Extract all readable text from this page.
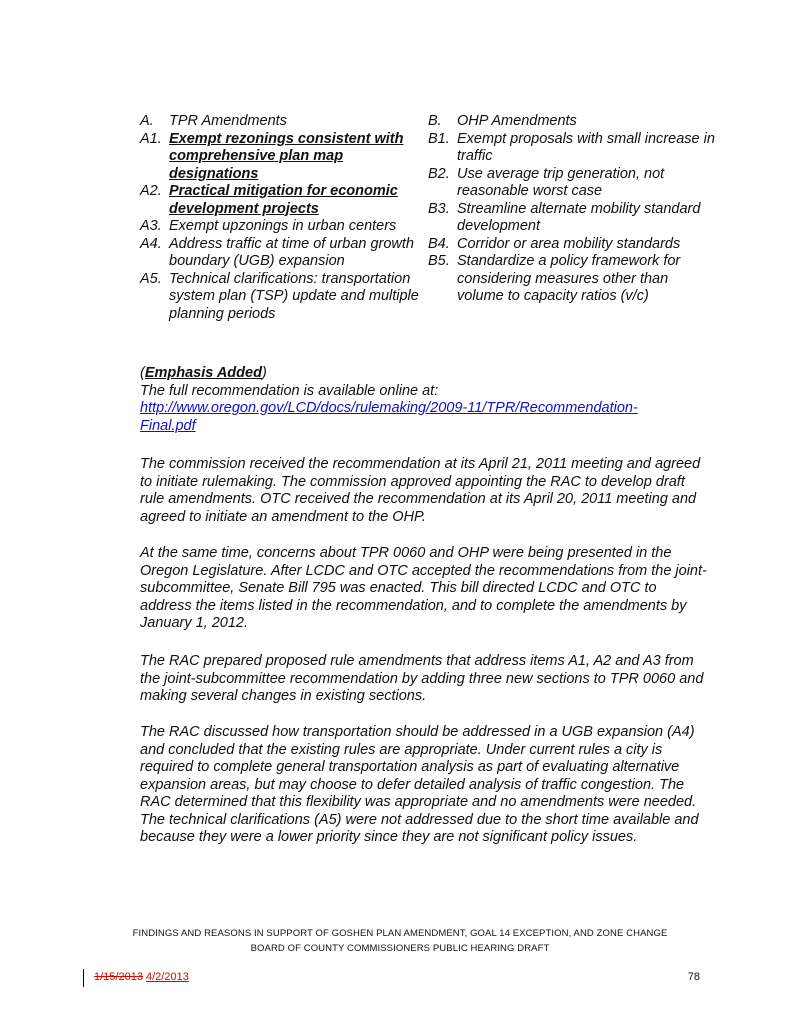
A.	TPR Amendments
A1. Exempt rezonings consistent with comprehensive plan map designations
A2. Practical mitigation for economic development projects
A3. Exempt upzonings in urban centers
A4. Address traffic at time of urban growth boundary (UGB) expansion
A5. Technical clarifications: transportation system plan (TSP) update and multiple planning periods
B.	OHP Amendments
B1. Exempt proposals with small increase in traffic
B2. Use average trip generation, not reasonable worst case
B3. Streamline alternate mobility standard development
B4. Corridor or area mobility standards
B5. Standardize a policy framework for considering measures other than volume to capacity ratios (v/c)
(Emphasis Added)
The full recommendation is available online at:
http://www.oregon.gov/LCD/docs/rulemaking/2009-11/TPR/Recommendation-Final.pdf

The commission received the recommendation at its April 21, 2011 meeting and agreed to initiate rulemaking. The commission approved appointing the RAC to develop draft rule amendments. OTC received the recommendation at its April 20, 2011 meeting and agreed to initiate an amendment to the OHP.

At the same time, concerns about TPR 0060 and OHP were being presented in the Oregon Legislature. After LCDC and OTC accepted the recommendations from the joint-subcommittee, Senate Bill 795 was enacted. This bill directed LCDC and OTC to address the items listed in the recommendation, and to complete the amendments by January 1, 2012.

The RAC prepared proposed rule amendments that address items A1, A2 and A3 from the joint-subcommittee recommendation by adding three new sections to TPR 0060 and making several changes in existing sections.

The RAC discussed how transportation should be addressed in a UGB expansion (A4) and concluded that the existing rules are appropriate. Under current rules a city is required to complete general transportation analysis as part of evaluating alternative expansion areas, but may choose to defer detailed analysis of traffic congestion. The RAC determined that this flexibility was appropriate and no amendments were needed. The technical clarifications (A5) were not addressed due to the short time available and because they were a lower priority since they are not significant policy issues.

FINDINGS AND REASONS IN SUPPORT OF GOSHEN PLAN AMENDMENT, GOAL 14 EXCEPTION, AND ZONE CHANGE
BOARD OF COUNTY COMMISSIONERS PUBLIC HEARING DRAFT
1/15/2013 4/2/2013	78
